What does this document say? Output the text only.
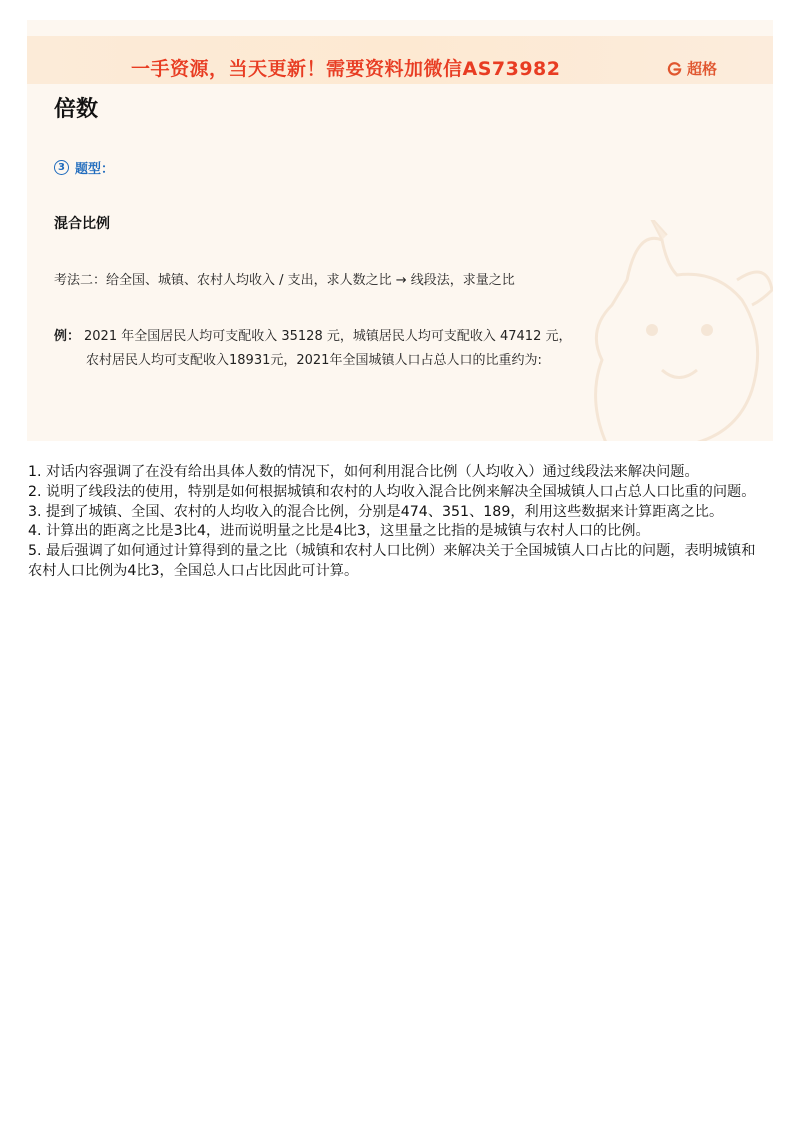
一手资源，当天更新！需要资料加微信AS73982	超格
倍数
3 题型：
混合比例
考法二：给全国、城镇、农村人均收入 / 支出，求人数之比 → 线段法，求量之比
例： 2021 年全国居民人均可支配收入 35128 元，城镇居民人均可支配收入 47412 元，
农村居民人均可支配收入18931元，2021年全国城镇人口占总人口的比重约为:

1. 对话内容强调了在没有给出具体人数的情况下，如何利用混合比例（人均收入）通过线段法来解决问题。

2. 说明了线段法的使用，特别是如何根据城镇和农村的人均收入混合比例来解决全国城镇人口占总人口比重的问题。

3. 提到了城镇、全国、农村的人均收入的混合比例，分别是474、351、189，利用这些数据来计算距离之比。

4. 计算出的距离之比是3比4，进而说明量之比是4比3，这里量之比指的是城镇与农村人口的比例。

5. 最后强调了如何通过计算得到的量之比（城镇和农村人口比例）来解决关于全国城镇人口占比的问题，表明城镇和农村人口比例为4比3，全国总人口占比因此可计算。
